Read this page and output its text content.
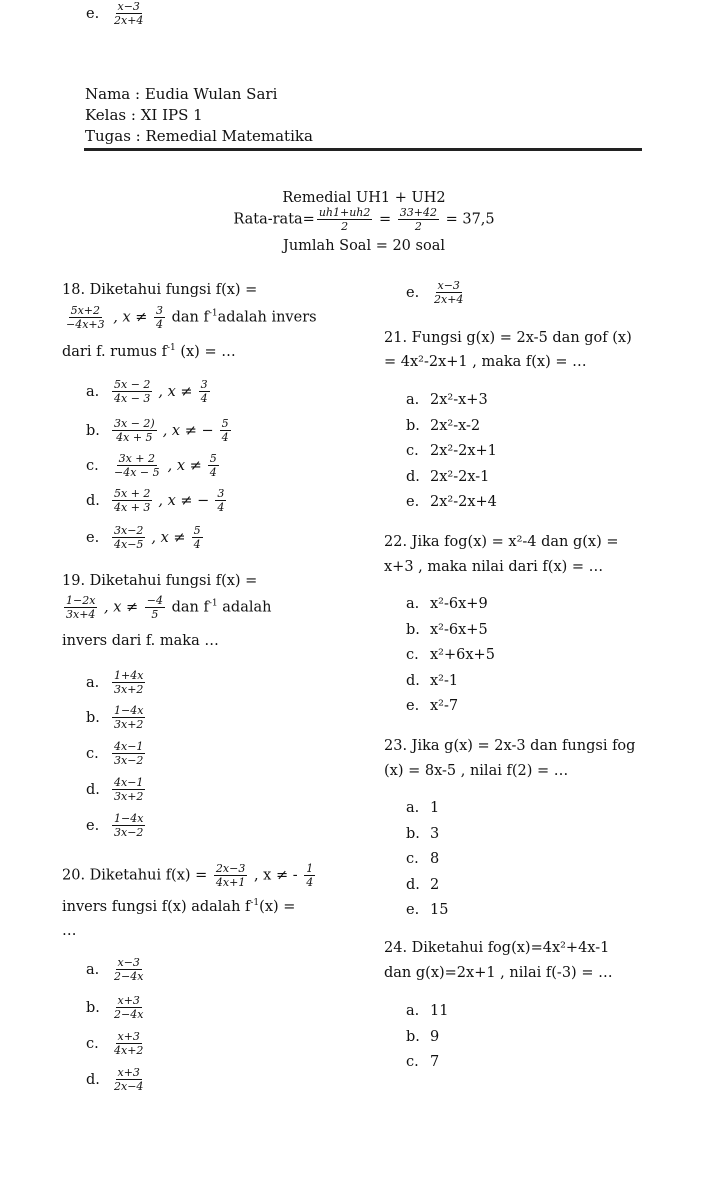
Nama : Eudia Wulan Sari
Kelas : XI IPS 1
Tugas : Remedial Matematika
Remedial UH1 + UH2
Rata-rata= $\frac{uh1+uh2}{2} = \frac{33+42}{2} = 37,5$
Jumlah Soal = 20 soal
18. Diketahui fungsi f(x) =
$\frac{5x+2}{-4x+3}$ , $x \ne \frac{3}{4}$ dan $f^{-1}adalah$ invers
dari f. rumus $f^{-1}$ (x) = …
a. $\frac{5x - 2}{4x - 3}$ , $x \ne \frac{3}{4}$
b. $\frac{3x - 2)}{4x + 5}$ , x ≠ − $\frac{5}{4}$
c. $\frac{3x + 2}{-4x - 5}$ , $x \ne \frac{5}{4}$
d. $\frac{5x + 2}{4x + 3}$ , x ≠ − $\frac{3}{4}$
e. $\frac{3x-2}{4x-5}$ , $x \ne \frac{5}{4}$
19. Diketahui fungsi f(x) =
$\frac{1-2x}{3x+4}$ , $x \ne \frac{-4}{5}$ dan $f^{-1}$ adalah
invers dari f. maka …
a. $\frac{1+4x}{3x+2}$
b. $\frac{1-4x}{3x+2}$
c. $\frac{4x-1}{3x-2}$
d. $\frac{4x-1}{3x+2}$
e. $\frac{1-4x}{3x-2}$
20. Diketahui $f(x) = \frac{2x-3}{4x+1}$ , x ≠ - $\frac{1}{4}$
invers fungsi f(x) adalah $f^{-1}(x)$ =
…
a. $\frac{x-3}{2-4x}$
b. $\frac{x+3}{2-4x}$
c. $\frac{x+3}{4x+2}$
d. $\frac{x+3}{2x-4}$
e. $\frac{x-3}{2x+4}$
e. $\frac{x-3}{2x+4}$
21. Fungsi g(x) = 2x-5 dan gof (x)
= 4x²-2x+1 , maka f(x) = …
a. 2x²-x+3
b. 2x²-x-2
c. 2x²-2x+1
d. 2x²-2x-1
e. 2x²-2x+4
22. Jika fog(x) = x²-4 dan g(x) =
x+3 , maka nilai dari f(x) = …
a. x²-6x+9
b. x²-6x+5
c. x²+6x+5
d. x²-1
e. x²-7
23. Jika g(x) = 2x-3 dan fungsi fog
(x) = 8x-5 , nilai f(2) = …
a. 1
b. 3
c. 8
d. 2
e. 15
24. Diketahui fog(x)=4x²+4x-1
dan g(x)=2x+1 , nilai f(-3) = …
a. 11
b. 9
c. 7
